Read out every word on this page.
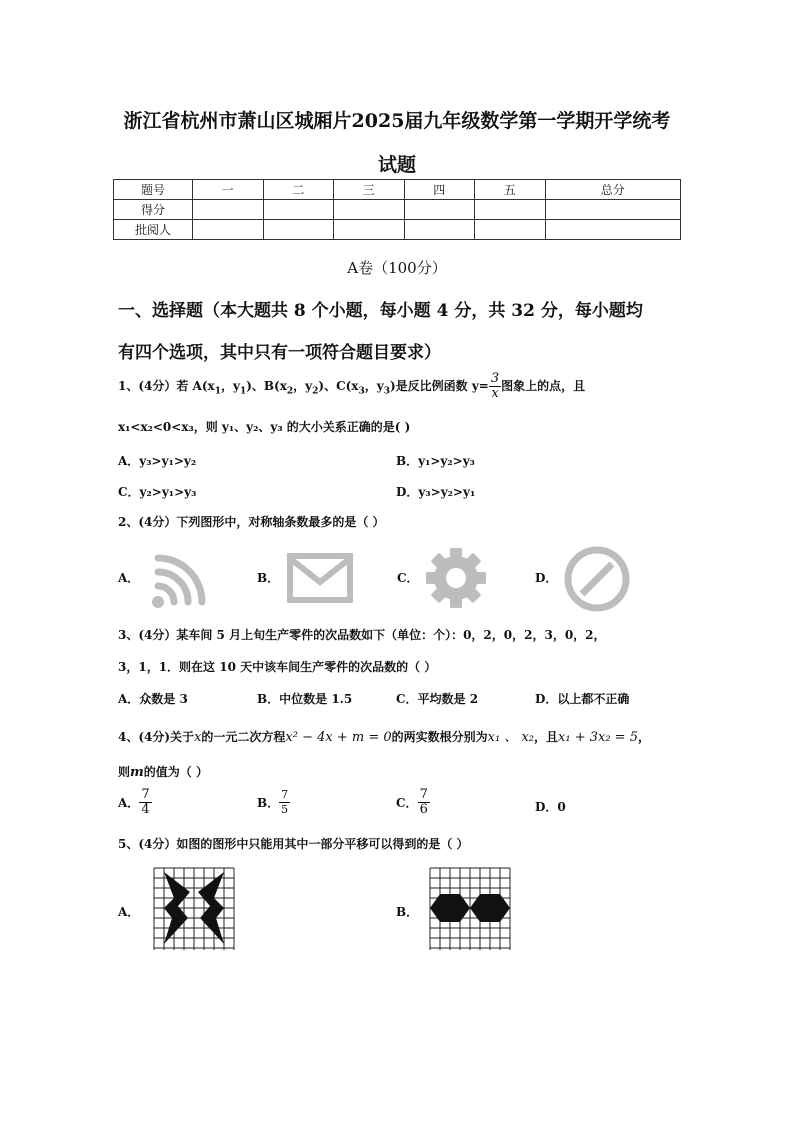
浙江省杭州市萧山区城厢片2025届九年级数学第一学期开学统考
试题
题号	一	二	三	四	五	总分
得分						
批阅人						
A卷（100分）
一、选择题（本大题共 8 个小题，每小题 4 分，共 32 分，每小题均
有四个选项，其中只有一项符合题目要求）
1、(4分）若 $A(x_1$，$y_1$)、$B(x_2$，$y_2$)、$C(x_3$，$y_3$)是反比例函数 $y= \frac{3}{x}$ 图象上的点，且
x₁<x₂<0<x₃，则 y₁、y₂、y₃ 的大小关系正确的是( )
A．y₃>y₁>y₂	B．y₁>y₂>y₃
C．y₂>y₁>y₃	D．y₃>y₂>y₁
2、(4分）下列图形中，对称轴条数最多的是（ ）
A．	B．	C．	D．
3、(4分）某车间 5 月上旬生产零件的次品数如下（单位：个）：0，2，0，2，3，0，2，
3，1，1．则在这 10 天中该车间生产零件的次品数的（ ）
A．众数是 3	B．中位数是 1.5	C．平均数是 2	D．以上都不正确
4、(4分)关于x的一元二次方程x² − 4x + m = 0的两实数根分别为x₁ 、 x₂，且x₁ + 3x₂ = 5，
则m的值为（ ）
A． $\frac{7}{4}$	B． $\frac{7}{5}$	C． $\frac{7}{6}$	D．0
5、(4分）如图的图形中只能用其中一部分平移可以得到的是（ ）
A．	B．
